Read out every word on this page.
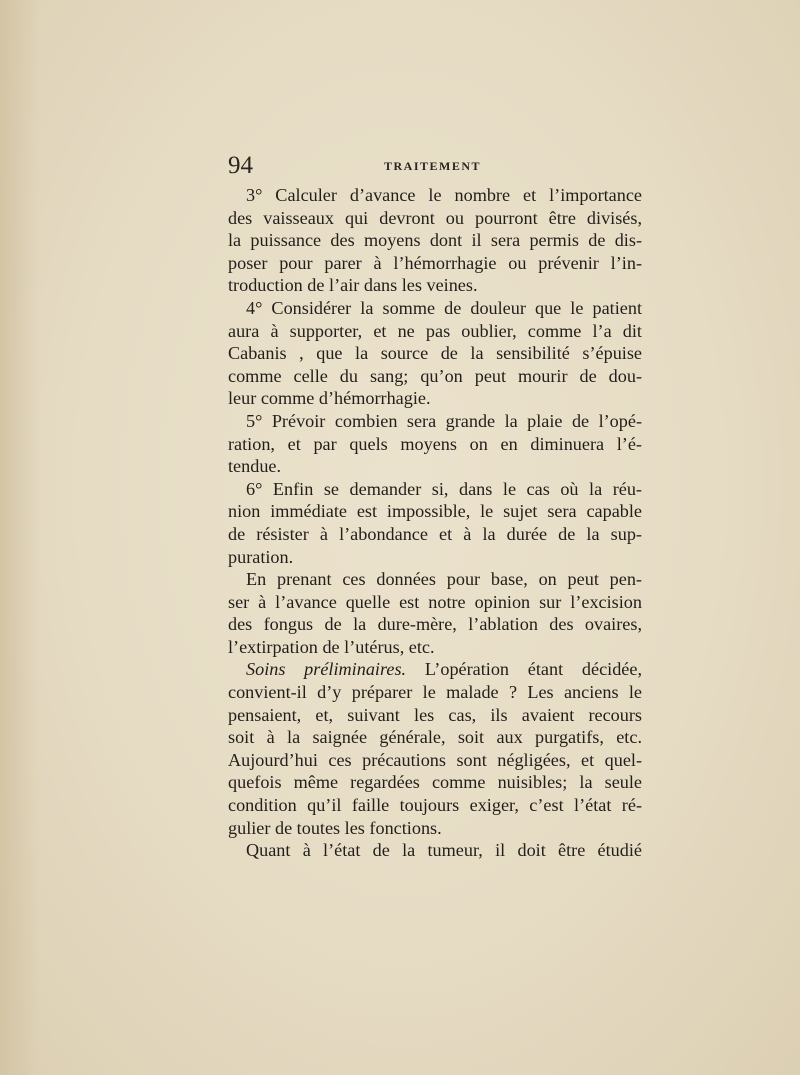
94	TRAITEMENT
3° Calculer d’avance le nombre et l’importance
des vaisseaux qui devront ou pourront être divisés,
la puissance des moyens dont il sera permis de dis-
poser pour parer à l’hémorrhagie ou prévenir l’in-
troduction de l’air dans les veines.
4° Considérer la somme de douleur que le patient
aura à supporter, et ne pas oublier, comme l’a dit
Cabanis , que la source de la sensibilité s’épuise
comme celle du sang; qu’on peut mourir de dou-
leur comme d’hémorrhagie.
5° Prévoir combien sera grande la plaie de l’opé-
ration, et par quels moyens on en diminuera l’é-
tendue.
6° Enfin se demander si, dans le cas où la réu-
nion immédiate est impossible, le sujet sera capable
de résister à l’abondance et à la durée de la sup-
puration.
En prenant ces données pour base, on peut pen-
ser à l’avance quelle est notre opinion sur l’excision
des fongus de la dure-mère, l’ablation des ovaires,
l’extirpation de l’utérus, etc.
Soins préliminaires. L’opération étant décidée,
convient-il d’y préparer le malade ? Les anciens le
pensaient, et, suivant les cas, ils avaient recours
soit à la saignée générale, soit aux purgatifs, etc.
Aujourd’hui ces précautions sont négligées, et quel-
quefois même regardées comme nuisibles; la seule
condition qu’il faille toujours exiger, c’est l’état ré-
gulier de toutes les fonctions.
Quant à l’état de la tumeur, il doit être étudié
